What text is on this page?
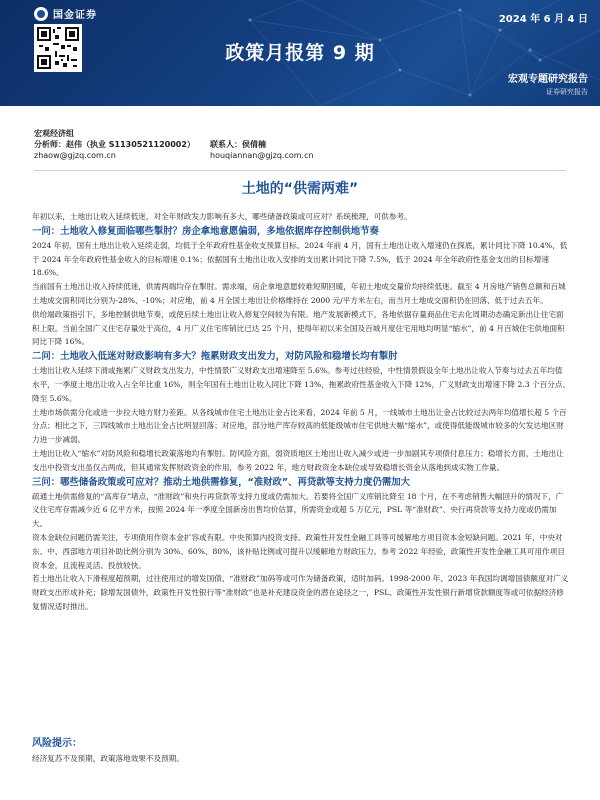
国金证券	2024 年 6 月 4 日
政策月报第 9 期
宏观专题研究报告
证券研究报告
宏观经济组
分析师：赵伟（执业 S1130521120002）	联系人：侯倩楠
zhaow@gjzq.com.cn	houqiannan@gjzq.com.cn
土地的“供需两难”

年初以来，土地出让收入延续低迷，对全年财政发力影响有多大，哪些储备政策或可应对？系统梳理，可供参考。

一问：土地收入修复面临哪些掣肘？房企拿地意愿偏弱，多地依据库存控制供地节奏

2024 年初，国有土地出让收入延续走弱，均低于全年政府性基金收支预算目标。2024 年前 4 月，国有土地出让收入增速仍在探底，累计同比下降 10.4%，低于 2024 年全年政府性基金收入的目标增速 0.1%；依据国有土地出让收入安排的支出累计同比下降 7.5%，低于 2024 年全年政府性基金支出的目标增速 18.6%。

当前国有土地出让收入持续低迷，供需两端均存在掣肘。需求端，房企拿地意愿较难短期回暖，年初土地成交量价均持续低迷。截至 4 月房地产销售总额和百城土地成交面积同比分别为-28%、-10%；对应地，前 4 月全国土地出让价格维持在 2000 元/平方米左右，而当月土地成交面积仍在回落、低于过去五年。

供给端政策指引下，多地控制供地节奏，或使后续土地出让收入修复空间较为有限。地产发展新模式下，各地依据存量商品住宅去化周期动态确定新出让住宅面积上限。当前全国广义住宅存量处于高位，4 月广义住宅库销比已达 25 个月，使得年初以来全国及百城月度住宅用地均明显“缩水”，前 4 月百城住宅供地面积同比下降 16%。

二问：土地收入低迷对财政影响有多大？拖累财政支出发力，对防风险和稳增长均有掣肘

土地出让收入延续下滑或拖累广义财政支出发力，中性情景广义财政支出增速降至 5.6%。参考过往经验，中性情景假设全年土地出让收入节奏与过去五年均值水平，一季度土地出让收入占全年比重 16%，则全年国有土地出让收入同比下降 13%，拖累政府性基金收入下降 12%，广义财政支出增速下降 2.3 个百分点、降至 5.6%。

土地市场供需分化或进一步拉大地方财力差距。从各线城市住宅土地出让金占比来看，2024 年前 5 月，一线城市土地出让金占比较过去两年均值增长超 5 个百分点；相比之下，三四线城市土地出让金占比明显回落；对应地，部分地产库存较高的低能级城市住宅供地大幅“缩水”，或使得低能级城市较多的欠发达地区财力进一步减弱。

土地出让收入“缩水”对防风险和稳增长政策落地均有掣肘。防风险方面，弱资质地区土地出让收入减少或进一步加剧其专项债付息压力；稳增长方面，土地出让支出中投资支出虽仅占两成，但其通常发挥财政资金的作用，参考 2022 年，地方财政资金本缺位或导致稳增长资金从落地到成实物工作量。

三问：哪些储备政策或可应对？推动土地供需修复，“准财政”、再贷款等支持力度仍需加大

疏通土地供需修复的“高库存”堵点，“准财政”和央行再贷款等支持力度或仍需加大。若要将全国广义库销比降至 18 个月，在不考虑销售大幅回升的情况下，广义住宅库存需减少近 6 亿平方米，按照 2024 年一季度全国新房出售均价估算，所需资金或超 5 万亿元，PSL 等“准财政”、央行再贷款等支持力度或仍需加大。

资本金缺位问题仍需关注，专项债用作资本金扩容或有限。中央预算内投资支持、政策性开发性金融工具等可缓解地方项目资本金短缺问题。2021 年，中央对东、中、西部地方项目补助比例分别为 30%、60%、80%，该补贴比例或可提升以缓解地方财政压力。参考 2022 年经验，政策性开发性金融工具可用作项目资本金，且流程灵活、投放较快。

若土地出让收入下滑程度超预期，过往使用过的增发国债、“准财政”加码等或可作为储备政策，适时加码。1998-2000 年、2023 年我国均调增国债额度对广义财政支出形成补充；除增发国债外，政策性开发性银行等“准财政”也是补充建设资金的潜在途径之一，PSL、政策性开发性银行新增贷款额度等或可依据经济修复情况适时推出。

风险提示：

经济复苏不及预期，政策落地效果不及预期。
